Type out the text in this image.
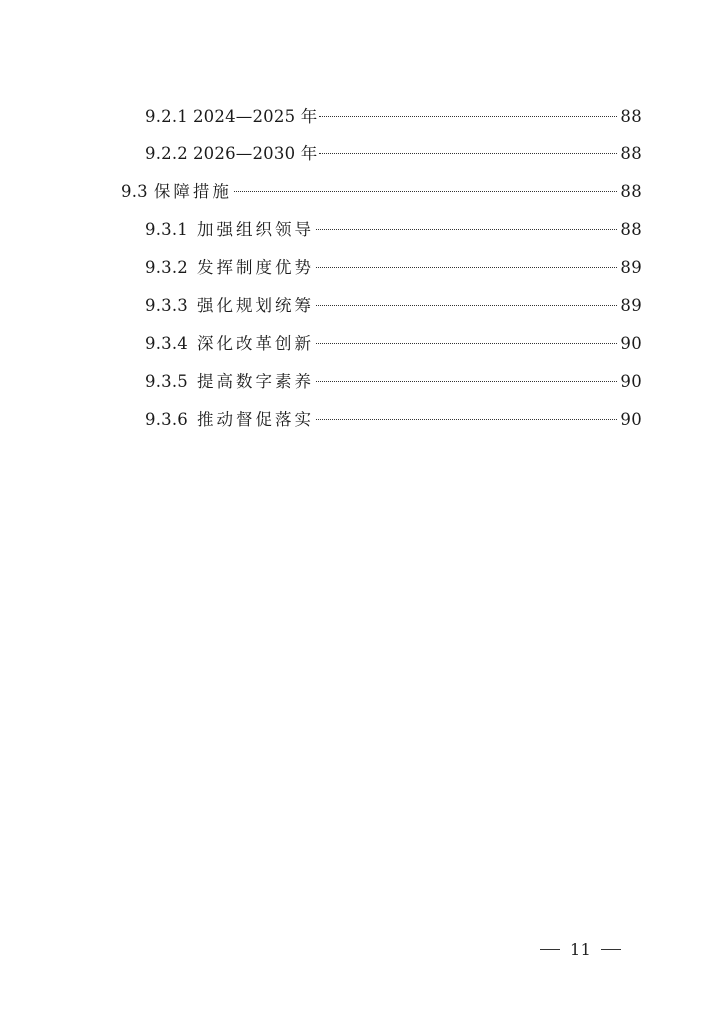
9.2.1 2024—2025 年	88
9.2.2 2026—2030 年	88
9.3 保障措施	88
9.3.1 加强组织领导	88
9.3.2 发挥制度优势	89
9.3.3 强化规划统筹	89
9.3.4 深化改革创新	90
9.3.5 提高数字素养	90
9.3.6 推动督促落实	90
11
